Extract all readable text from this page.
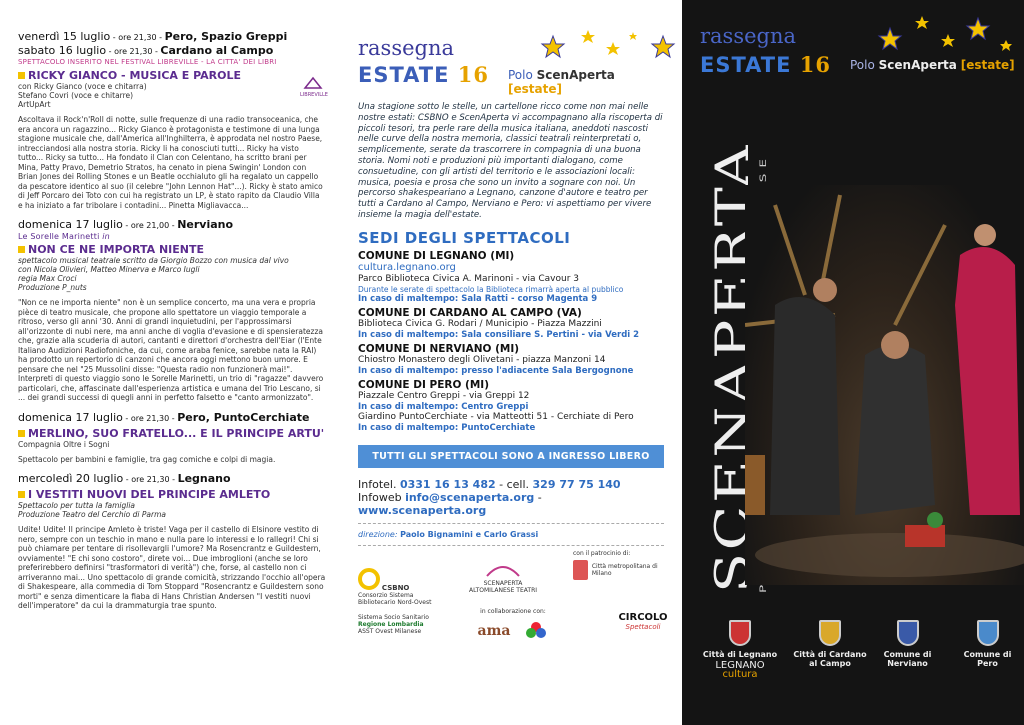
LIBREVILLE
venerdì 15 luglio - ore 21,30 - Pero, Spazio Greppi
sabato 16 luglio - ore 21,30 - Cardano al Campo
SPETTACOLO INSERITO NEL FESTIVAL LIBREVILLE - LA CITTA' DEI LIBRI
RICKY GIANCO - MUSICA E PAROLE
con Ricky Gianco (voce e chitarra)
Stefano Covri (voce e chitarre)
ArtUpArt
Ascoltava il Rock'n'Roll di notte, sulle frequenze di una radio transoceanica, che era ancora un ragazzino... Ricky Gianco è protagonista e testimone di una lunga stagione musicale che, dall'America all'Inghilterra, è approdata nel nostro Paese, intrecciandosi alla nostra storia. Ricky li ha conosciuti tutti... Ricky ha visto tutto... Ricky sa tutto... Ha fondato il Clan con Celentano, ha scritto brani per Mina, Patty Pravo, Demetrio Stratos, ha cenato in piena Swingin' London con Brian Jones dei Rolling Stones e un Beatle occhialuto gli ha regalato un cappello da pescatore identico al suo (il celebre "John Lennon Hat"...). Ricky è stato amico di Jeff Porcaro dei Toto con cui ha registrato un LP, è stato rapito da Claudio Villa e ha iniziato a far tribolare i contadini... Pinetta Migliavacca...
domenica 17 luglio - ore 21,00 - Nerviano
Le Sorelle Marinetti in
NON CE NE IMPORTA NIENTE
spettacolo musical teatrale scritto da Giorgio Bozzo con musica dal vivo
con Nicola Olivieri, Matteo Minerva e Marco Iugli
regia Max Croci
Produzione P_nuts
"Non ce ne importa niente" non è un semplice concerto, ma una vera e propria pièce di teatro musicale, che propone allo spettatore un viaggio temporale a ritroso, verso gli anni '30. Anni di grandi inquietudini, per l'approssimarsi all'orizzonte di nubi nere, ma anni anche di voglia d'evasione e di spensieratezza che, grazie alla scuderia di autori, cantanti e direttori d'orchestra dell'Eiar (l'Ente Italiano Audizioni Radiofoniche, da cui, come araba fenice, sarebbe nata la RAI) ha prodotto un repertorio di canzoni che ancora oggi mettono buon umore. E pensare che nel "25 Mussolini disse: "Questa radio non funzionerà mai!". Interpreti di questo viaggio sono le Sorelle Marinetti, un trio di "ragazze" davvero particolari, che, affascinate dall'esperienza artistica e umana del Trio Lescano, si ... dei grandi successi di quegli anni in perfetto falsetto e "canto armonizzato".
domenica 17 luglio - ore 21,30 - Pero, PuntoCerchiate
MERLINO, SUO FRATELLO... E IL PRINCIPE ARTU'
Compagnia Oltre i Sogni
Spettacolo per bambini e famiglie, tra gag comiche e colpi di magia.
mercoledì 20 luglio - ore 21,30 - Legnano
I VESTITI NUOVI DEL PRINCIPE AMLETO
Spettacolo per tutta la famiglia
Produzione Teatro del Cerchio di Parma
Udite! Udite! Il principe Amleto è triste! Vaga per il castello di Elsinore vestito di nero, sempre con un teschio in mano e nulla pare lo interessi e lo rallegri! Chi si può chiamare per tentare di risollevargli l'umore? Ma Rosencrantz e Guildestern, ovviamente! "E chi sono costoro", direte voi... Due imbroglioni (anche se loro preferirebbero definirsi "trasformatori di verità") che, forse, al castello non ci arriveranno mai... Uno spettacolo di grande comicità, strizzando l'occhio all'opera di Shakespeare, alla commedia di Tom Stoppard "Rosencrantz e Guildestern sono morti" e senza dimenticare la fiaba di Hans Christian Andersen "I vestiti nuovi dell'imperatore" da cui la drammaturgia trae spunto.
rassegna
ESTATE 16 Polo ScenAperta [estate]

Una stagione sotto le stelle, un cartellone ricco come non mai nelle nostre estati: CSBNO e ScenAperta vi accompagnano alla riscoperta di piccoli tesori, tra perle rare della musica italiana, aneddoti nascosti nelle curve della nostra memoria, classici teatrali reinterpretati o, semplicemente, serate da trascorrere in compagnia di una buona storia. Nomi noti e produzioni più importanti dialogano, come consuetudine, con gli artisti del territorio e le associazioni locali: musica, poesia e prosa che sono un invito a sognare con noi. Un percorso shakespeariano a Legnano, canzone d'autore e teatro per tutti a Cardano al Campo, Nerviano e Pero: vi aspettiamo per vivere insieme la magia dell'estate.

SEDI DEGLI SPETTACOLI
COMUNE DI LEGNANO (MI)
cultura.legnano.org
Parco Biblioteca Civica A. Marinoni - via Cavour 3
Durante le serate di spettacolo la Biblioteca rimarrà aperta al pubblico
In caso di maltempo: Sala Ratti - corso Magenta 9
COMUNE DI CARDANO AL CAMPO (VA)
Biblioteca Civica G. Rodari / Municipio - Piazza Mazzini
In caso di maltempo: Sala consiliare S. Pertini - via Verdi 2
COMUNE DI NERVIANO (MI)
Chiostro Monastero degli Olivetani - piazza Manzoni 14
In caso di maltempo: presso l'adiacente Sala Bergognone
COMUNE DI PERO (MI)
Piazzale Centro Greppi - via Greppi 12
In caso di maltempo: Centro Greppi
Giardino PuntoCerchiate - via Matteotti 51 - Cerchiate di Pero
In caso di maltempo: PuntoCerchiate
TUTTI GLI SPETTACOLI SONO A INGRESSO LIBERO
Infotel. 0331 16 13 482 - cell. 329 77 75 140
Infoweb info@scenaperta.org - www.scenaperta.org
direzione: Paolo Bignamini e Carlo Grassi
CSBNO
Consorzio Sistema Bibliotecario Nord-Ovest
SCENAPERTA
ALTOMILANESE TEATRI
con il patrocinio di:
Città metropolitana di Milano
Sistema Socio Sanitario
Regione Lombardia
ASST Ovest Milanese
in collaborazione con:
ama
CIRCOLO
Spettacoli
rassegna
ESTATE 16 Polo ScenAperta [estate]
SCENAPERTA
Città di Legnano
LEGNANO
cultura
Città di Cardano al Campo
Comune di Nerviano
Comune di Pero
